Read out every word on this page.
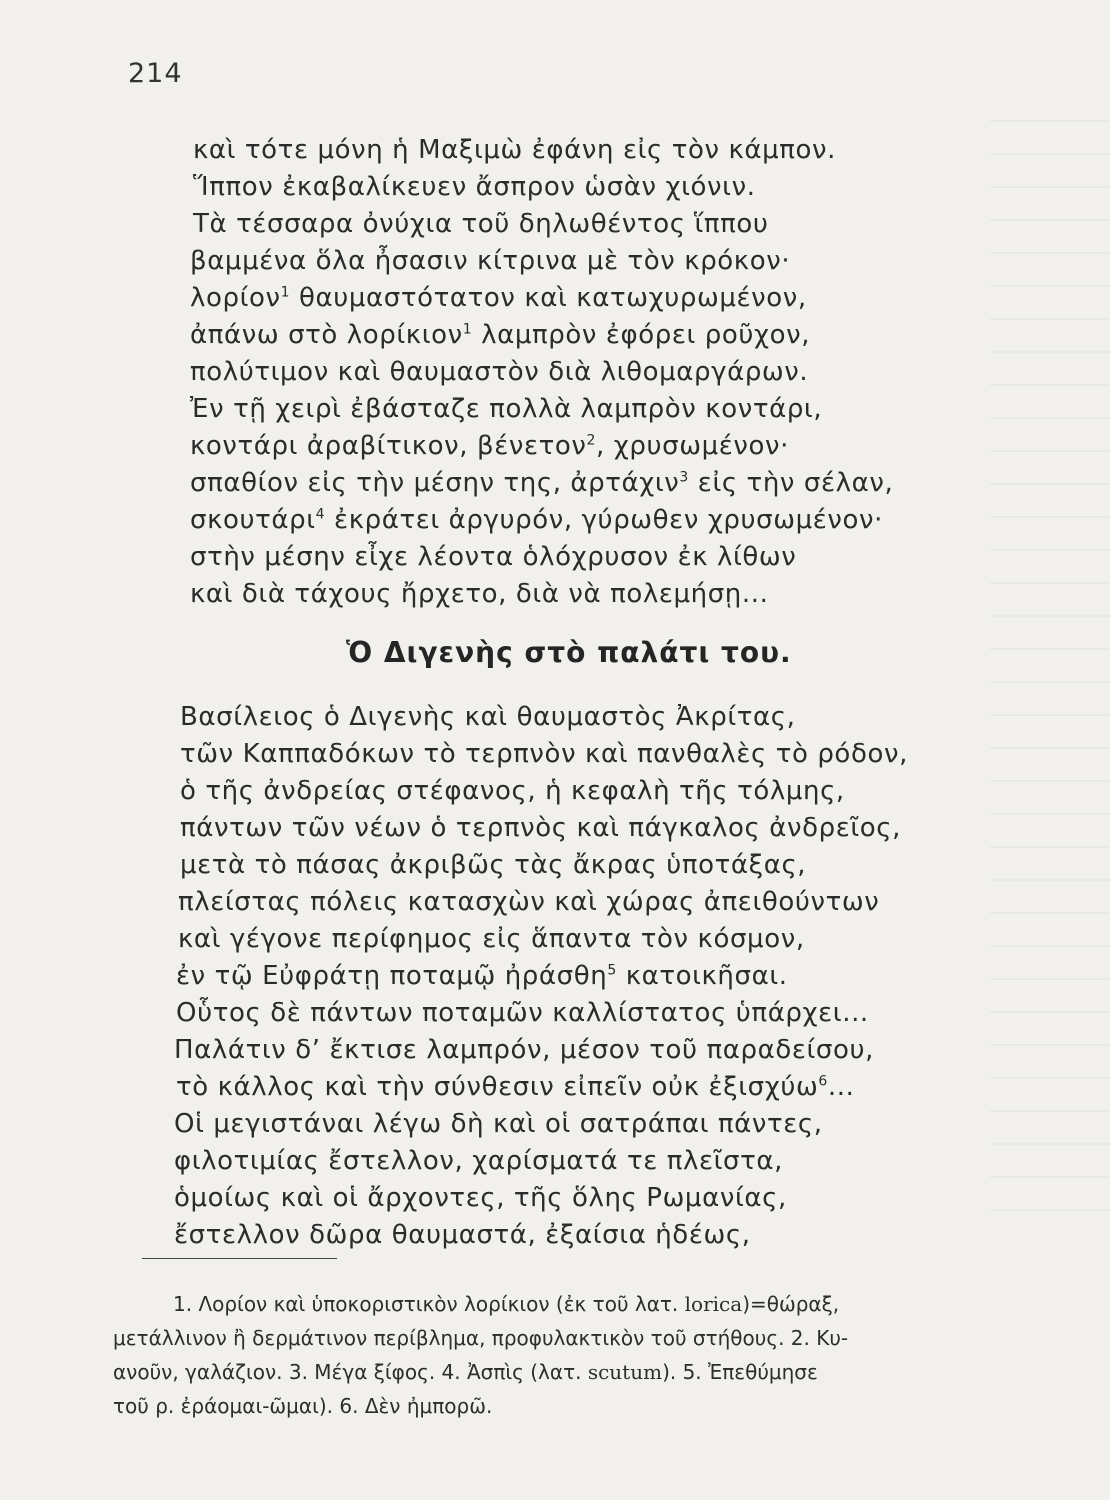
214
καὶ τότε μόνη ἡ Μαξιμὼ ἐφάνη εἰς τὸν κάμπον.
Ἵππον ἐκαβαλίκευεν ἄσπρον ὡσὰν χιόνιν.
Τὰ τέσσαρα ὀνύχια τοῦ δηλωθέντος ἵππου
βαμμένα ὅλα ἦσασιν κίτρινα μὲ τὸν κρόκον·
λορίον$^1$ θαυμαστότατον καὶ κατωχυρωμένον,
ἀπάνω στὸ λορίκιον$^1$ λαμπρὸν ἐφόρει ροῦχον,
πολύτιμον καὶ θαυμαστὸν διὰ λιθομαργάρων.
Ἐν τῇ χειρὶ ἐβάσταζε πολλὰ λαμπρὸν κοντάρι,
κοντάρι ἀραβίτικον, βένετον$^2$, χρυσωμένον·
σπαθίον εἰς τὴν μέσην της, ἀρτάχιν$^3$ εἰς τὴν σέλαν,
σκουτάρι$^4$ ἐκράτει ἀργυρόν, γύρωθεν χρυσωμένον·
στὴν μέσην εἶχε λέοντα ὁλόχρυσον ἐκ λίθων
καὶ διὰ τάχους ἤρχετο, διὰ νὰ πολεμήσῃ...
Ὁ Διγενὴς στὸ παλάτι του.
Βασίλειος ὁ Διγενὴς καὶ θαυμαστὸς Ἀκρίτας,
τῶν Καππαδόκων τὸ τερπνὸν καὶ πανθαλὲς τὸ ρόδον,
ὁ τῆς ἀνδρείας στέφανος, ἡ κεφαλὴ τῆς τόλμης,
πάντων τῶν νέων ὁ τερπνὸς καὶ πάγκαλος ἀνδρεῖος,
μετὰ τὸ πάσας ἀκριβῶς τὰς ἄκρας ὑποτάξας,
πλείστας πόλεις κατασχὼν καὶ χώρας ἀπειθούντων
καὶ γέγονε περίφημος εἰς ἅπαντα τὸν κόσμον,
ἐν τῷ Εὐφράτῃ ποταμῷ ἠράσθη$^5$ κατοικῆσαι.
Οὗτος δὲ πάντων ποταμῶν καλλίστατος ὑπάρχει...
Παλάτιν δ’ ἔκτισε λαμπρόν, μέσον τοῦ παραδείσου,
τὸ κάλλος καὶ τὴν σύνθεσιν εἰπεῖν οὐκ ἐξισχύω$^6$...
Οἱ μεγιστάναι λέγω δὴ καὶ οἱ σατράπαι πάντες,
φιλοτιμίας ἔστελλον, χαρίσματά τε πλεῖστα,
ὁμοίως καὶ οἱ ἄρχοντες, τῆς ὅλης Ρωμανίας,
ἔστελλον δῶρα θαυμαστά, ἐξαίσια ἡδέως,
1. Λορίον καὶ ὑποκοριστικὸν λορίκιον (ἐκ τοῦ λατ. lorica)=θώραξ,
μετάλλινον ἢ δερμάτινον περίβλημα, προφυλακτικὸν τοῦ στήθους. 2. Κυ-
ανοῦν, γαλάζιον. 3. Μέγα ξίφος. 4. Ἀσπὶς (λατ. scutum). 5. Ἐπεθύμησε
τοῦ ρ. ἐράομαι-ῶμαι). 6. Δὲν ἠμπορῶ.
